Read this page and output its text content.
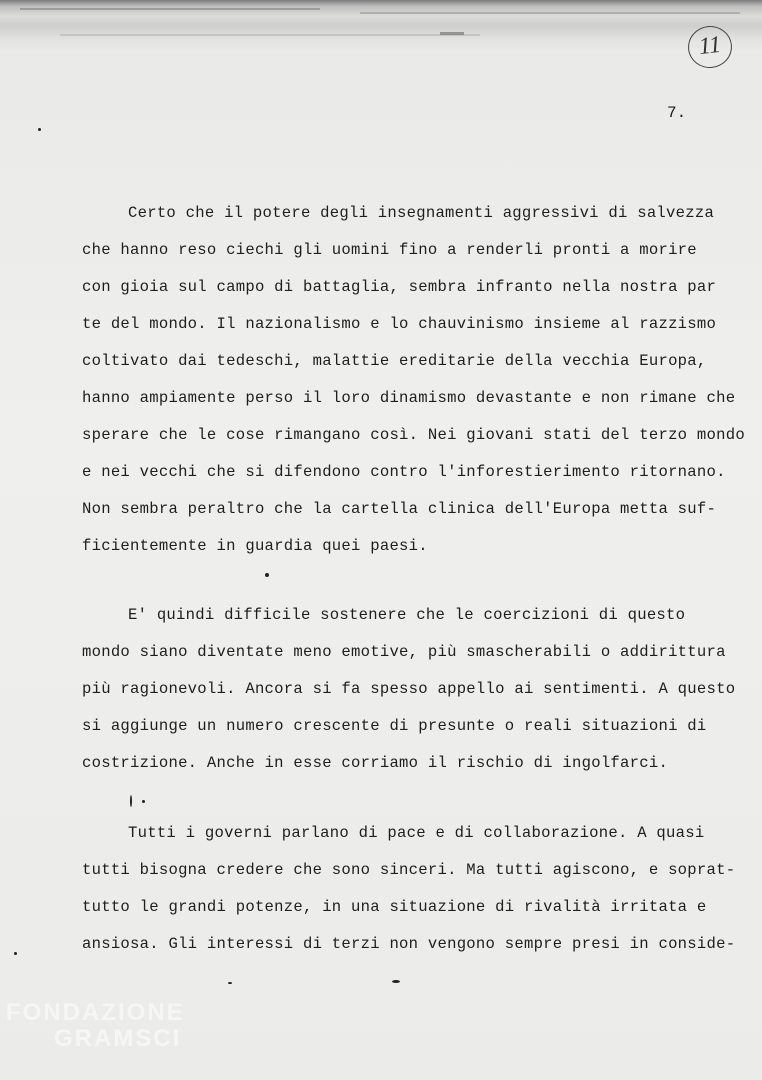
11
7.
Certo che il potere degli insegnamenti aggressivi di salvezza
che hanno reso ciechi gli uomini fino a renderli pronti a morire
con gioia sul campo di battaglia, sembra infranto nella nostra par
te del mondo. Il nazionalismo e lo chauvinismo insieme al razzismo
coltivato dai tedeschi, malattie ereditarie della vecchia Europa,
hanno ampiamente perso il loro dinamismo devastante e non rimane che
sperare che le cose rimangano così. Nei giovani stati del terzo mondo
e nei vecchi che si difendono contro l'inforestierimento ritornano.
Non sembra peraltro che la cartella clinica dell'Europa metta suf-
ficientemente in guardia quei paesi.
E' quindi difficile sostenere che le coercizioni di questo
mondo siano diventate meno emotive, più smascherabili o addirittura
più ragionevoli. Ancora si fa spesso appello ai sentimenti. A questo
si aggiunge un numero crescente di presunte o reali situazioni di
costrizione. Anche in esse corriamo il rischio di ingolfarci.
Tutti i governi parlano di pace e di collaborazione. A quasi
tutti bisogna credere che sono sinceri. Ma tutti agiscono, e soprat-
tutto le grandi potenze, in una situazione di rivalità irritata e
ansiosa. Gli interessi di terzi non vengono sempre presi in conside-
FONDAZIONE
GRAMSCI
